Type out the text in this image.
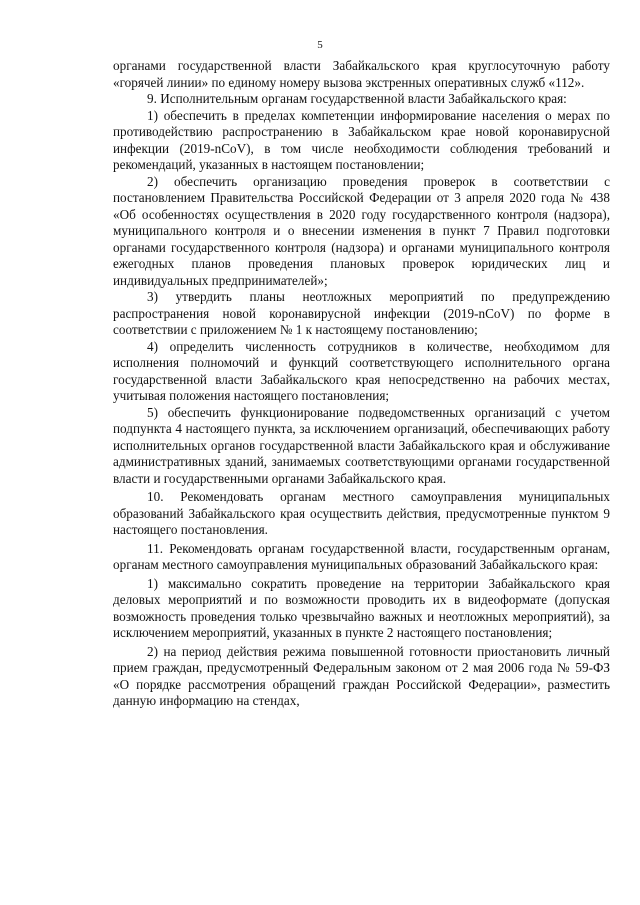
5

органами государственной власти Забайкальского края круглосуточную работу «горячей линии» по единому номеру вызова экстренных оперативных служб «112».

9. Исполнительным органам государственной власти Забайкальского края:

1) обеспечить в пределах компетенции информирование населения о мерах по противодействию распространению в Забайкальском крае новой коронавирусной инфекции (2019-nCoV), в том числе необходимости соблюдения требований и рекомендаций, указанных в настоящем постановлении;

2) обеспечить организацию проведения проверок в соответствии с постановлением Правительства Российской Федерации от 3 апреля 2020 года № 438 «Об особенностях осуществления в 2020 году государственного контроля (надзора), муниципального контроля и о внесении изменения в пункт 7 Правил подготовки органами государственного контроля (надзора) и органами муниципального контроля ежегодных планов проведения плановых проверок юридических лиц и индивидуальных предпринимателей»;

3) утвердить планы неотложных мероприятий по предупреждению распространения новой коронавирусной инфекции (2019-nCoV) по форме в соответствии с приложением № 1 к настоящему постановлению;

4) определить численность сотрудников в количестве, необходимом для исполнения полномочий и функций соответствующего исполнительного органа государственной власти Забайкальского края непосредственно на рабочих местах, учитывая положения настоящего постановления;

5) обеспечить функционирование подведомственных организаций с учетом подпункта 4 настоящего пункта, за исключением организаций, обеспечивающих работу исполнительных органов государственной власти Забайкальского края и обслуживание административных зданий, занимаемых соответствующими органами государственной власти и государственными органами Забайкальского края.

10. Рекомендовать органам местного самоуправления муниципальных образований Забайкальского края осуществить действия, предусмотренные пунктом 9 настоящего постановления.

11. Рекомендовать органам государственной власти, государственным органам, органам местного самоуправления муниципальных образований Забайкальского края:

1) максимально сократить проведение на территории Забайкальского края деловых мероприятий и по возможности проводить их в видеоформате (допуская возможность проведения только чрезвычайно важных и неотложных мероприятий), за исключением мероприятий, указанных в пункте 2 настоящего постановления;

2) на период действия режима повышенной готовности приостановить личный прием граждан, предусмотренный Федеральным законом от 2 мая 2006 года № 59-ФЗ «О порядке рассмотрения обращений граждан Российской Федерации», разместить данную информацию на стендах,
